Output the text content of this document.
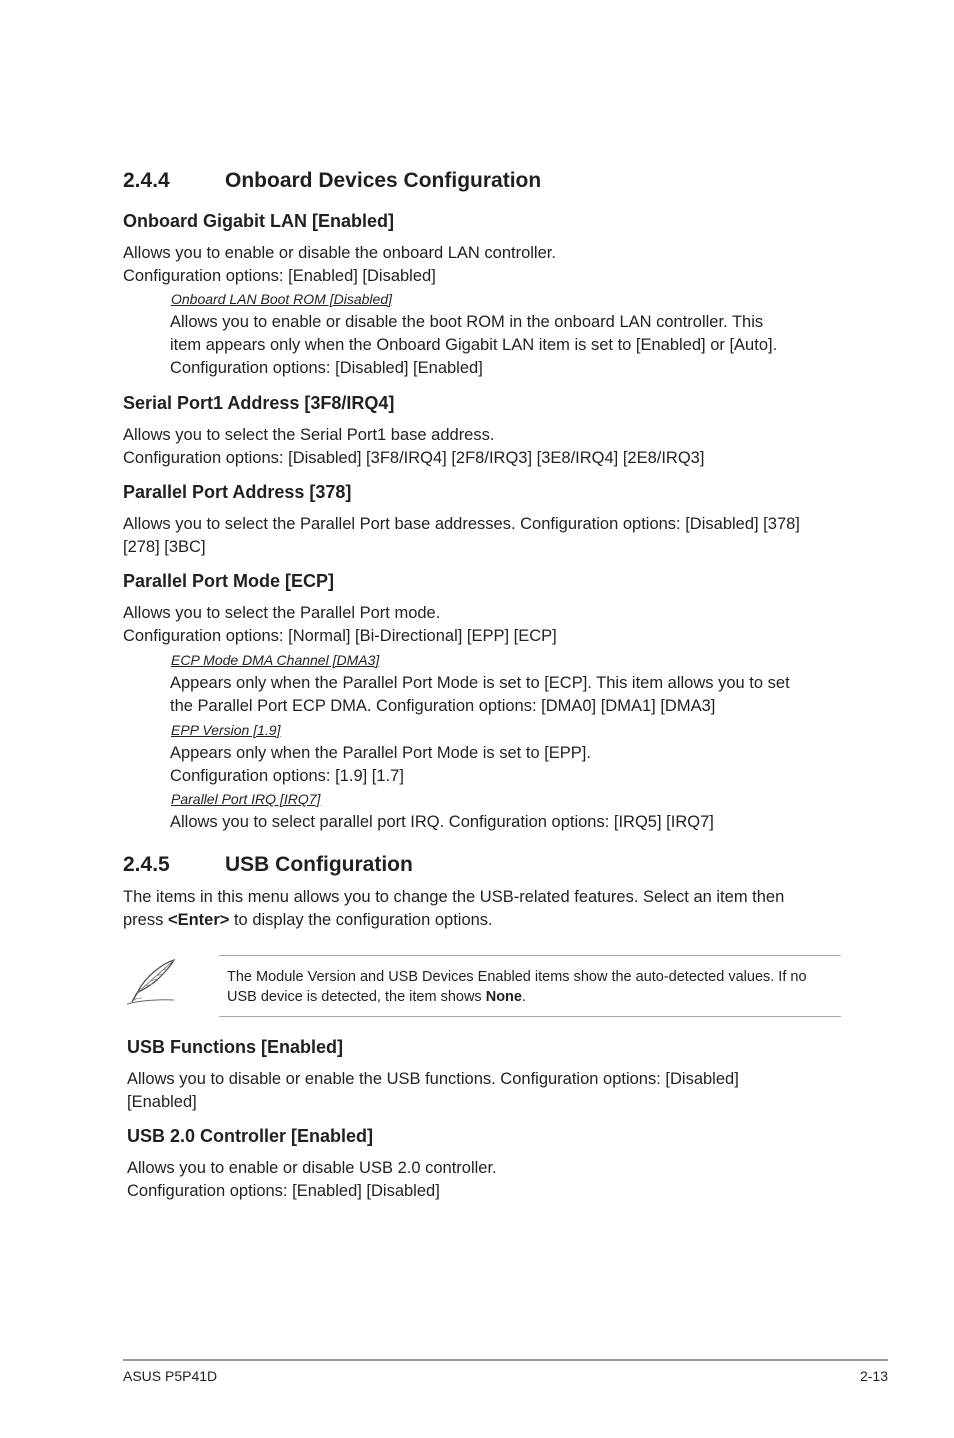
2.4.4	Onboard Devices Configuration
Onboard Gigabit LAN [Enabled]
Allows you to enable or disable the onboard LAN controller.
Configuration options: [Enabled] [Disabled]
Onboard LAN Boot ROM [Disabled]
Allows you to enable or disable the boot ROM in the onboard LAN controller. This
item appears only when the Onboard Gigabit LAN item is set to [Enabled] or [Auto].
Configuration options: [Disabled] [Enabled]
Serial Port1 Address [3F8/IRQ4]
Allows you to select the Serial Port1 base address.
Configuration options: [Disabled] [3F8/IRQ4] [2F8/IRQ3] [3E8/IRQ4] [2E8/IRQ3]
Parallel Port Address [378]
Allows you to select the Parallel Port base addresses. Configuration options: [Disabled] [378]
[278] [3BC]
Parallel Port Mode [ECP]
Allows you to select the Parallel Port mode.
Configuration options: [Normal] [Bi-Directional] [EPP] [ECP]
ECP Mode DMA Channel [DMA3]
Appears only when the Parallel Port Mode is set to [ECP]. This item allows you to set
the Parallel Port ECP DMA. Configuration options: [DMA0] [DMA1] [DMA3]
EPP Version [1.9]
Appears only when the Parallel Port Mode is set to [EPP].
Configuration options: [1.9] [1.7]
Parallel Port IRQ [IRQ7]
Allows you to select parallel port IRQ. Configuration options: [IRQ5] [IRQ7]
2.4.5	USB Configuration
The items in this menu allows you to change the USB-related features. Select an item then
press <Enter> to display the configuration options.
The Module Version and USB Devices Enabled items show the auto-detected values. If no
USB device is detected, the item shows None.
USB Functions [Enabled]
Allows you to disable or enable the USB functions. Configuration options: [Disabled]
[Enabled]
USB 2.0 Controller [Enabled]
Allows you to enable or disable USB 2.0 controller.
Configuration options: [Enabled] [Disabled]
ASUS P5P41D	2-13
